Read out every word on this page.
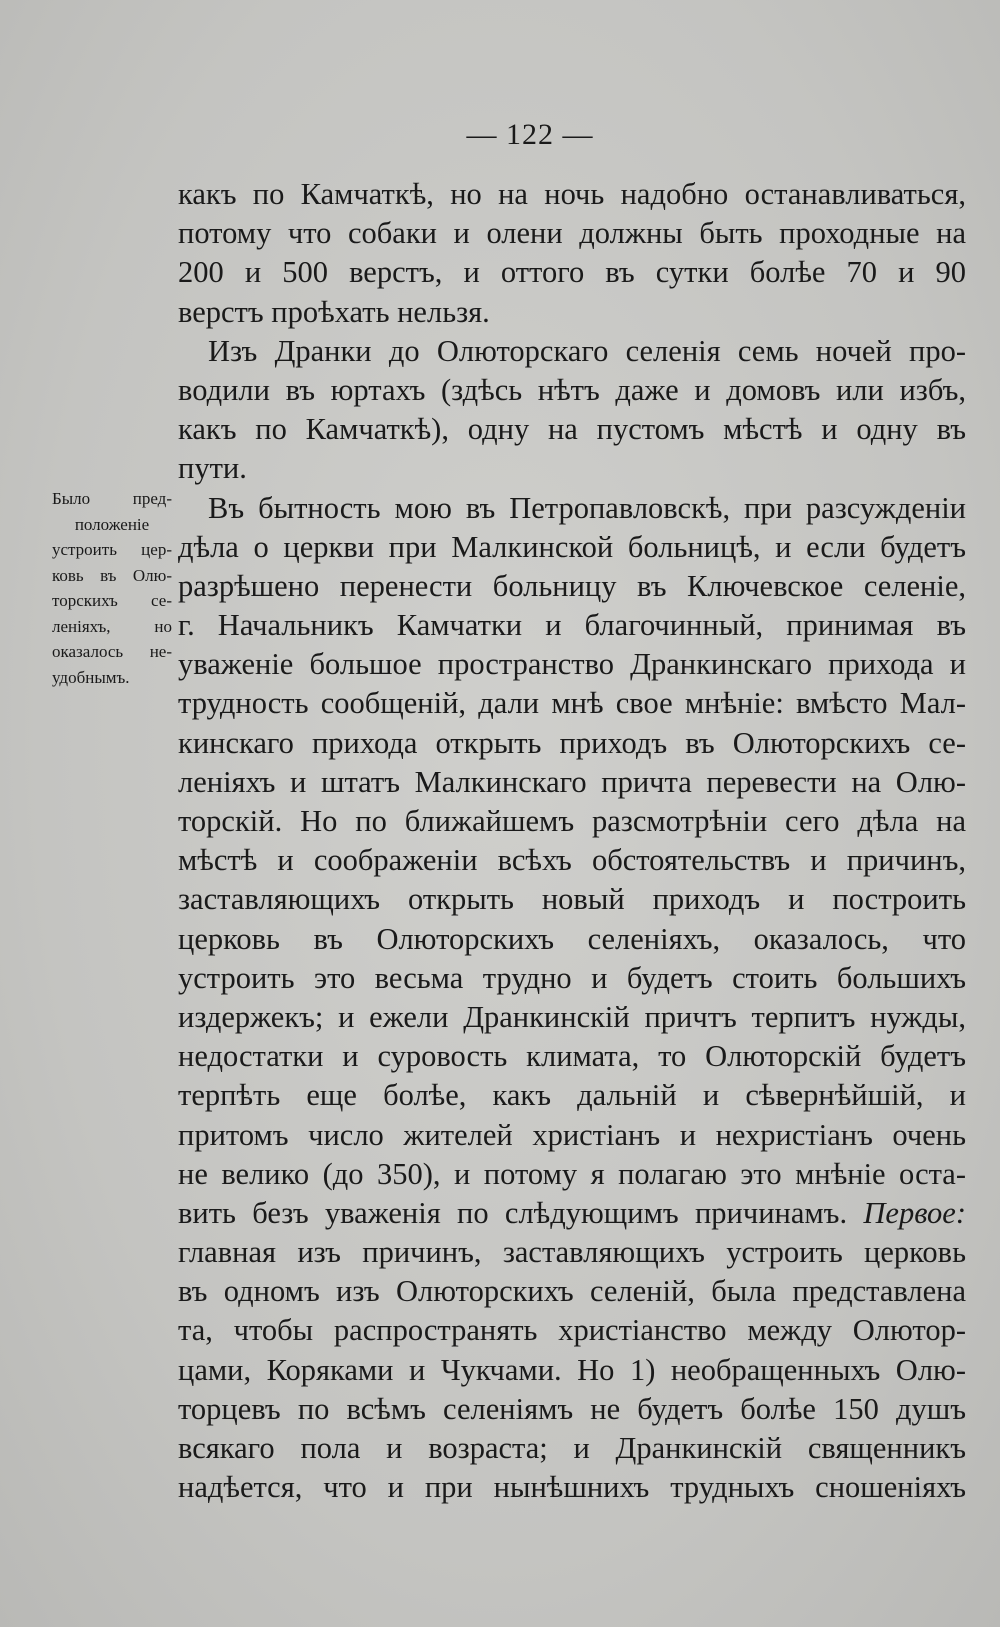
— 122 —
Было пред-
положеніе
устроить цер-
ковь въ Олю-
торскихъ се-
леніяхъ, но
оказалось не-
удобнымъ.
какъ по Камчаткѣ, но на ночь надобно останавливаться,
потому что собаки и олени должны быть проходные на
200 и 500 верстъ, и оттого въ сутки болѣе 70 и 90
верстъ проѣхать нельзя.
Изъ Дранки до Олюторскаго селенія семь ночей про-
водили въ юртахъ (здѣсь нѣтъ даже и домовъ или избъ,
какъ по Камчаткѣ), одну на пустомъ мѣстѣ и одну въ
пути.
Въ бытность мою въ Петропавловскѣ, при разсужденіи
дѣла о церкви при Малкинской больницѣ, и если будетъ
разрѣшено перенести больницу въ Ключевское селеніе,
г. Начальникъ Камчатки и благочинный, принимая въ
уваженіе большое пространство Дранкинскаго прихода и
трудность сообщеній, дали мнѣ свое мнѣніе: вмѣсто Мал-
кинскаго прихода открыть приходъ въ Олюторскихъ се-
леніяхъ и штатъ Малкинскаго причта перевести на Олю-
торскій. Но по ближайшемъ разсмотрѣніи сего дѣла на
мѣстѣ и соображеніи всѣхъ обстоятельствъ и причинъ,
заставляющихъ открыть новый приходъ и построить
церковь въ Олюторскихъ селеніяхъ, оказалось, что
устроить это весьма трудно и будетъ стоить большихъ
издержекъ; и ежели Дранкинскій причтъ терпитъ нужды,
недостатки и суровость климата, то Олюторскій будетъ
терпѣть еще болѣе, какъ дальній и сѣвернѣйшій, и
притомъ число жителей христіанъ и нехристіанъ очень
не велико (до 350), и потому я полагаю это мнѣніе оста-
вить безъ уваженія по слѣдующимъ причинамъ. Первое:
главная изъ причинъ, заставляющихъ устроить церковь
въ одномъ изъ Олюторскихъ селеній, была представлена
та, чтобы распространять христіанство между Олютор-
цами, Коряками и Чукчами. Но 1) необращенныхъ Олю-
торцевъ по всѣмъ селеніямъ не будетъ болѣе 150 душъ
всякаго пола и возраста; и Дранкинскій священникъ
надѣется, что и при нынѣшнихъ трудныхъ сношеніяхъ
